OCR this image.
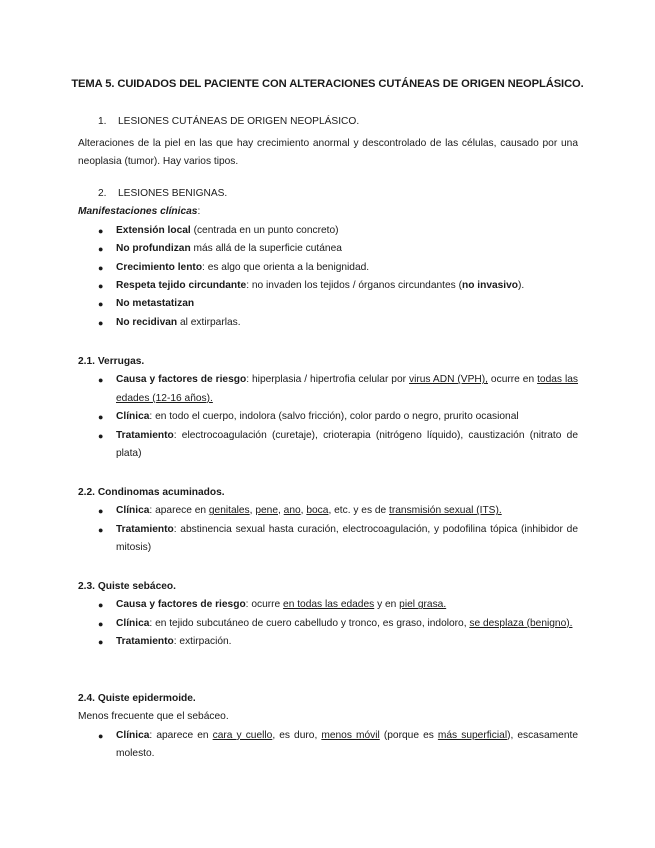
TEMA 5. CUIDADOS DEL PACIENTE CON ALTERACIONES CUTÁNEAS DE ORIGEN NEOPLÁSICO.
1. LESIONES CUTÁNEAS DE ORIGEN NEOPLÁSICO.
Alteraciones de la piel en las que hay crecimiento anormal y descontrolado de las células, causado por una neoplasia (tumor). Hay varios tipos.
2. LESIONES BENIGNAS.
Manifestaciones clínicas:
● Extensión local (centrada en un punto concreto)
● No profundizan más allá de la superficie cutánea
● Crecimiento lento: es algo que orienta a la benignidad.
● Respeta tejido circundante: no invaden los tejidos / órganos circundantes (no invasivo).
● No metastatizan
● No recidivan al extirparlas.
2.1. Verrugas.
● Causa y factores de riesgo: hiperplasia / hipertrofia celular por virus ADN (VPH), ocurre en todas las edades (12-16 años).
● Clínica: en todo el cuerpo, indolora (salvo fricción), color pardo o negro, prurito ocasional
● Tratamiento: electrocoagulación (curetaje), crioterapia (nitrógeno líquido), caustización (nitrato de plata)
2.2. Condinomas acuminados.
● Clínica: aparece en genitales, pene, ano, boca, etc. y es de transmisión sexual (ITS).
● Tratamiento: abstinencia sexual hasta curación, electrocoagulación, y podofilina tópica (inhibidor de mitosis)
2.3. Quiste sebáceo.
● Causa y factores de riesgo: ocurre en todas las edades y en piel grasa.
● Clínica: en tejido subcutáneo de cuero cabelludo y tronco, es graso, indoloro, se desplaza (benigno).
● Tratamiento: extirpación.
2.4. Quiste epidermoide.
Menos frecuente que el sebáceo.
● Clínica: aparece en cara y cuello, es duro, menos móvil (porque es más superficial), escasamente molesto.
